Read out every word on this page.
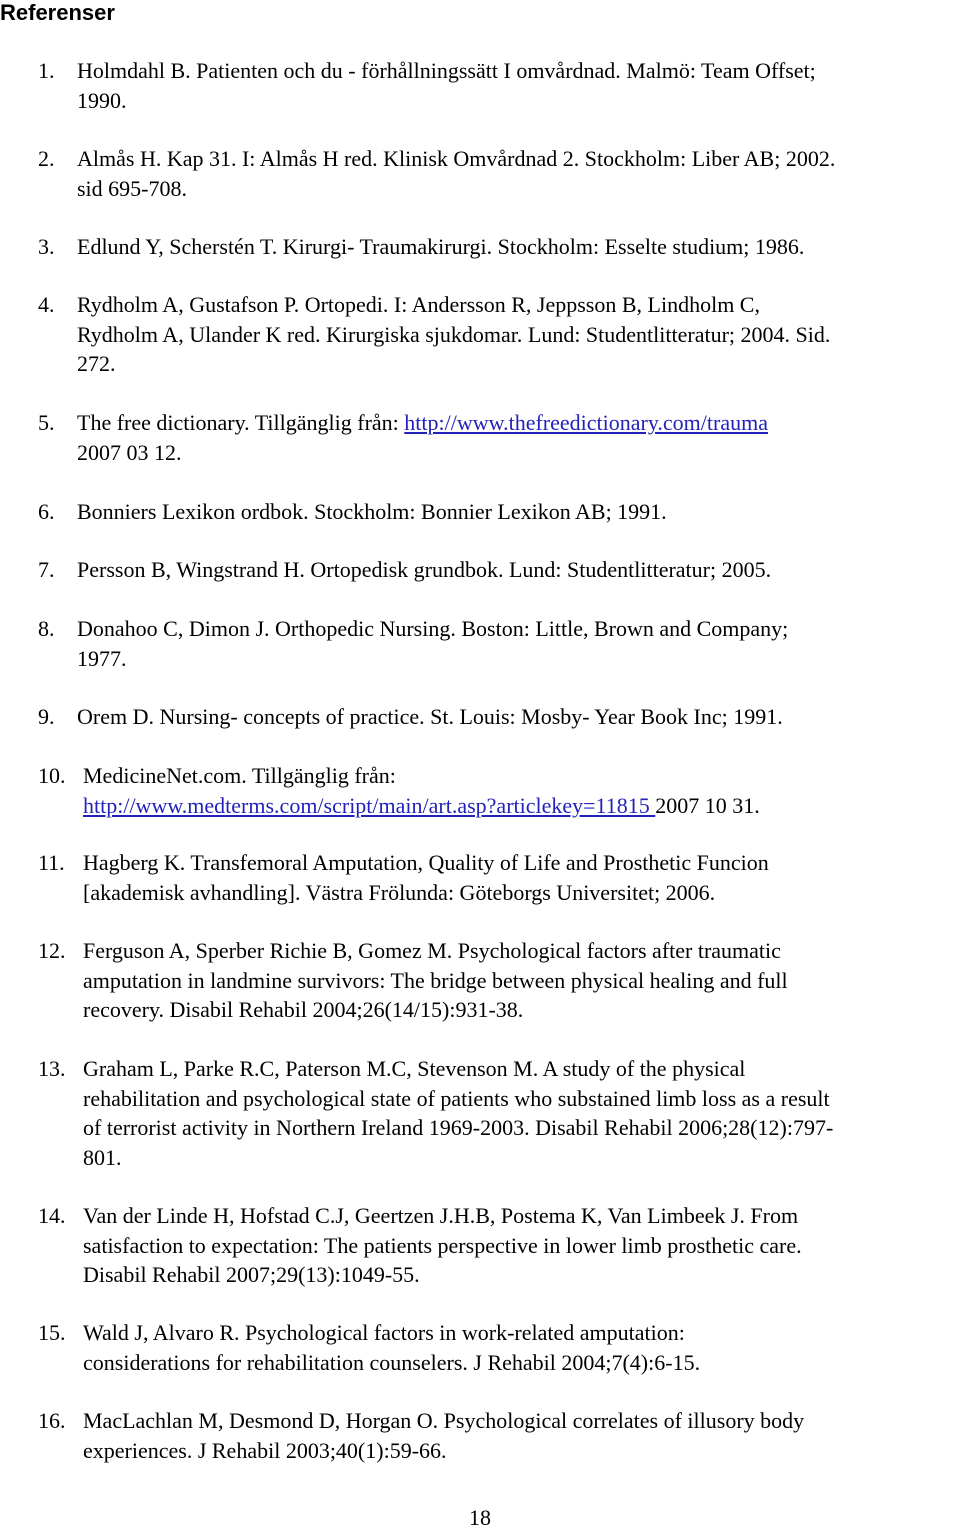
Referenser
1. Holmdahl B. Patienten och du - förhållningssätt I omvårdnad. Malmö: Team Offset;
1990.
2. Almås H. Kap 31. I: Almås H red. Klinisk Omvårdnad 2. Stockholm: Liber AB; 2002.
sid 695-708.
3. Edlund Y, Scherstén T. Kirurgi- Traumakirurgi. Stockholm: Esselte studium; 1986.
4. Rydholm A, Gustafson P. Ortopedi. I: Andersson R, Jeppsson B, Lindholm C,
Rydholm A, Ulander K red. Kirurgiska sjukdomar. Lund: Studentlitteratur; 2004. Sid.
272.
5. The free dictionary. Tillgänglig från: http://www.thefreedictionary.com/trauma
2007 03 12.
6. Bonniers Lexikon ordbok. Stockholm: Bonnier Lexikon AB; 1991.
7. Persson B, Wingstrand H. Ortopedisk grundbok. Lund: Studentlitteratur; 2005.
8. Donahoo C, Dimon J. Orthopedic Nursing. Boston: Little, Brown and Company;
1977.
9. Orem D. Nursing- concepts of practice. St. Louis: Mosby- Year Book Inc; 1991.
10. MedicineNet.com. Tillgänglig från:
http://www.medterms.com/script/main/art.asp?articlekey=11815 2007 10 31.
11. Hagberg K. Transfemoral Amputation, Quality of Life and Prosthetic Funcion
[akademisk avhandling]. Västra Frölunda: Göteborgs Universitet; 2006.
12. Ferguson A, Sperber Richie B, Gomez M. Psychological factors after traumatic
amputation in landmine survivors: The bridge between physical healing and full
recovery. Disabil Rehabil 2004;26(14/15):931-38.
13. Graham L, Parke R.C, Paterson M.C, Stevenson M. A study of the physical
rehabilitation and psychological state of patients who substained limb loss as a result
of terrorist activity in Northern Ireland 1969-2003. Disabil Rehabil 2006;28(12):797-
801.
14. Van der Linde H, Hofstad C.J, Geertzen J.H.B, Postema K, Van Limbeek J. From
satisfaction to expectation: The patients perspective in lower limb prosthetic care.
Disabil Rehabil 2007;29(13):1049-55.
15. Wald J, Alvaro R. Psychological factors in work-related amputation:
considerations for rehabilitation counselers. J Rehabil 2004;7(4):6-15.
16. MacLachlan M, Desmond D, Horgan O. Psychological correlates of illusory body
experiences. J Rehabil 2003;40(1):59-66.
18
